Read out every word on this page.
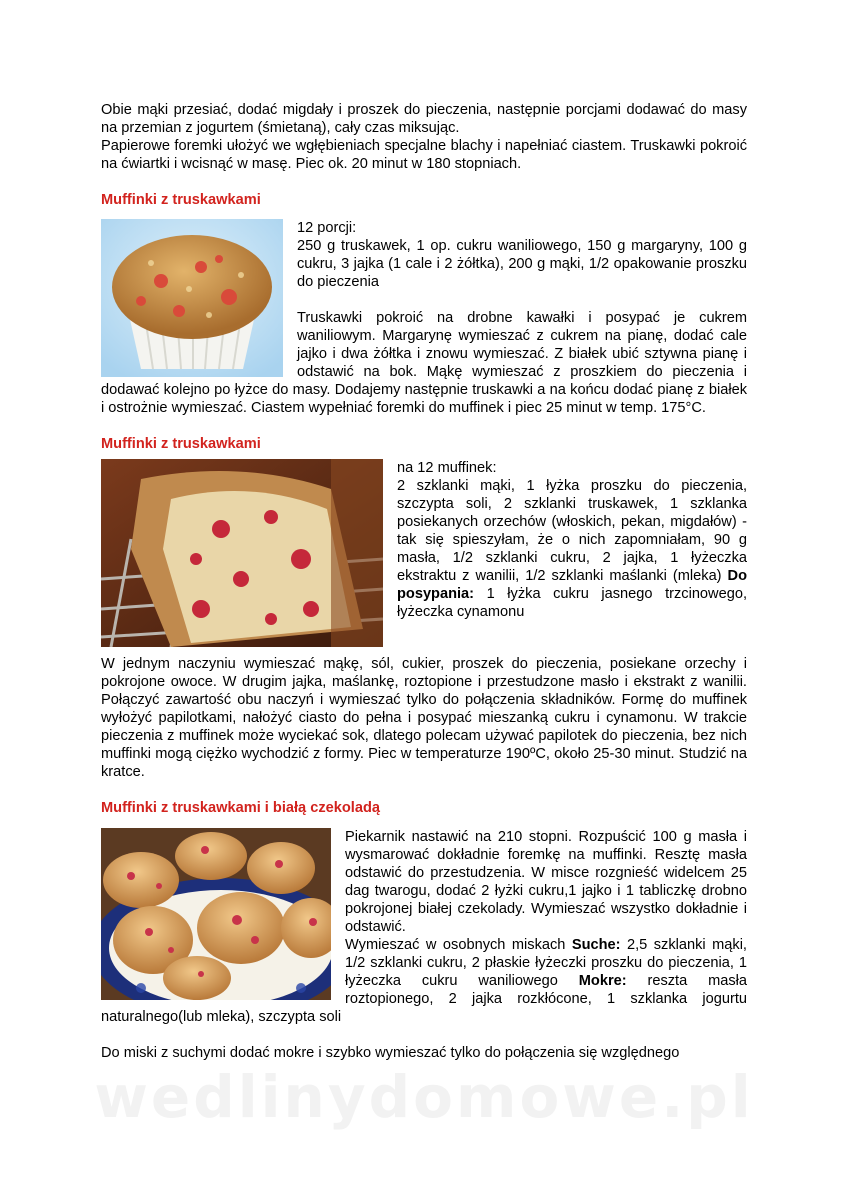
Obie mąki przesiać, dodać migdały i proszek do pieczenia, następnie porcjami dodawać do masy na przemian z jogurtem (śmietaną), cały czas miksując.

Papierowe foremki ułożyć we wgłębieniach specjalne blachy i napełniać ciastem. Truskawki pokroić na ćwiartki i wcisnąć w masę. Piec ok. 20 minut w 180 stopniach.

Muffinki z truskawkami

12 porcji:

250 g truskawek, 1 op. cukru waniliowego, 150 g margaryny, 100 g cukru, 3 jajka (1 cale i 2 żółtka), 200 g mąki, 1/2 opakowanie proszku do pieczenia

Truskawki pokroić na drobne kawałki i posypać je cukrem waniliowym. Margarynę wymieszać z cukrem na pianę, dodać cale jajko i dwa żółtka i znowu wymieszać. Z białek ubić sztywna pianę i odstawić na bok. Mąkę wymieszać z proszkiem do pieczenia i dodawać kolejno po łyżce do masy. Dodajemy następnie truskawki a na końcu dodać pianę z białek i ostrożnie wymieszać. Ciastem wypełniać foremki do muffinek i piec 25 minut w temp. 175°C.

Muffinki z truskawkami

na 12 muffinek:

2 szklanki mąki, 1 łyżka proszku do pieczenia, szczypta soli, 2 szklanki truskawek, 1 szklanka posiekanych orzechów (włoskich, pekan, migdałów) - tak się spieszyłam, że o nich zapomniałam, 90 g masła, 1/2 szklanki cukru, 2 jajka, 1 łyżeczka ekstraktu z wanilii, 1/2 szklanki maślanki (mleka) Do posypania: 1 łyżka cukru jasnego trzcinowego, łyżeczka cynamonu

W jednym naczyniu wymieszać mąkę, sól, cukier, proszek do pieczenia, posiekane orzechy i pokrojone owoce. W drugim jajka, maślankę, roztopione i przestudzone masło i ekstrakt z wanilii. Połączyć zawartość obu naczyń i wymieszać tylko do połączenia składników. Formę do muffinek wyłożyć papilotkami, nałożyć ciasto do pełna i posypać mieszanką cukru i cynamonu. W trakcie pieczenia z muffinek może wyciekać sok, dlatego polecam używać papilotek do pieczenia, bez nich muffinki mogą ciężko wychodzić z formy. Piec w temperaturze 190ºC, około 25-30 minut. Studzić na kratce.

Muffinki z truskawkami i białą czekoladą

Piekarnik nastawić na 210 stopni. Rozpuścić 100 g masła i wysmarować dokładnie foremkę na muffinki. Resztę masła odstawić do przestudzenia. W misce rozgnieść widelcem 25 dag twarogu, dodać 2 łyżki cukru,1 jajko i 1 tabliczkę drobno pokrojonej białej czekolady. Wymieszać wszystko dokładnie i odstawić.

Wymieszać w osobnych miskach Suche: 2,5 szklanki mąki, 1/2 szklanki cukru, 2 płaskie łyżeczki proszku do pieczenia, 1 łyżeczka cukru waniliowego Mokre: reszta masła roztopionego, 2 jajka rozkłócone, 1 szklanka jogurtu naturalnego(lub mleka), szczypta soli

Do miski z suchymi dodać mokre i szybko wymieszać tylko do połączenia się względnego

wedlinydomowe.pl
